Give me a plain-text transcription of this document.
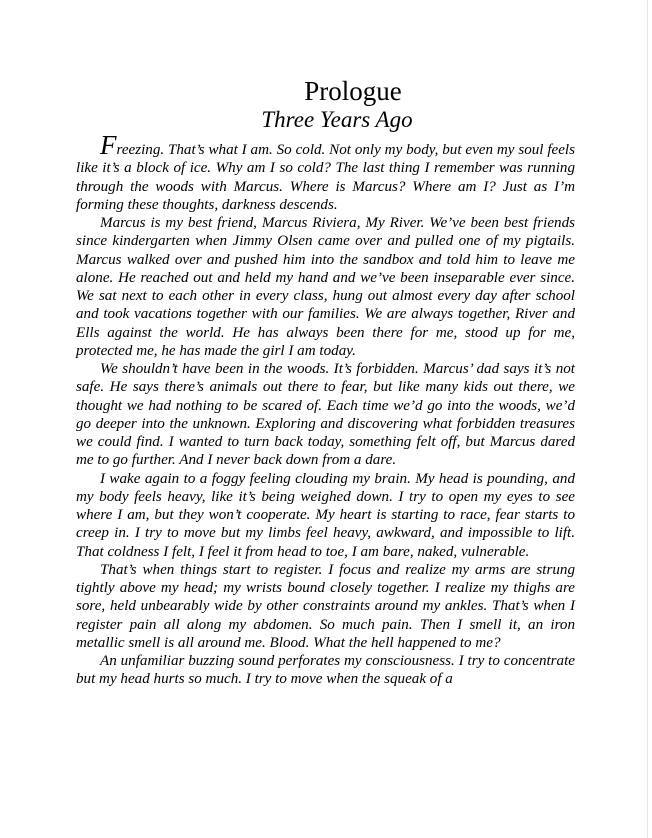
Prologue
Three Years Ago

Freezing. That’s what I am. So cold. Not only my body, but even my soul feels like it’s a block of ice. Why am I so cold? The last thing I remember was running through the woods with Marcus. Where is Marcus? Where am I? Just as I’m forming these thoughts, darkness descends.

Marcus is my best friend, Marcus Riviera, My River. We’ve been best friends since kindergarten when Jimmy Olsen came over and pulled one of my pigtails. Marcus walked over and pushed him into the sandbox and told him to leave me alone. He reached out and held my hand and we’ve been inseparable ever since. We sat next to each other in every class, hung out almost every day after school and took vacations together with our families. We are always together, River and Ells against the world. He has always been there for me, stood up for me, protected me, he has made the girl I am today.

We shouldn’t have been in the woods. It’s forbidden. Marcus’ dad says it’s not safe. He says there’s animals out there to fear, but like many kids out there, we thought we had nothing to be scared of. Each time we’d go into the woods, we’d go deeper into the unknown. Exploring and discovering what forbidden treasures we could find. I wanted to turn back today, something felt off, but Marcus dared me to go further. And I never back down from a dare.

I wake again to a foggy feeling clouding my brain. My head is pounding, and my body feels heavy, like it’s being weighed down. I try to open my eyes to see where I am, but they won’t cooperate. My heart is starting to race, fear starts to creep in. I try to move but my limbs feel heavy, awkward, and impossible to lift. That coldness I felt, I feel it from head to toe, I am bare, naked, vulnerable.

That’s when things start to register. I focus and realize my arms are strung tightly above my head; my wrists bound closely together. I realize my thighs are sore, held unbearably wide by other constraints around my ankles. That’s when I register pain all along my abdomen. So much pain. Then I smell it, an iron metallic smell is all around me. Blood. What the hell happened to me?

An unfamiliar buzzing sound perforates my consciousness. I try to concentrate but my head hurts so much. I try to move when the squeak of a
